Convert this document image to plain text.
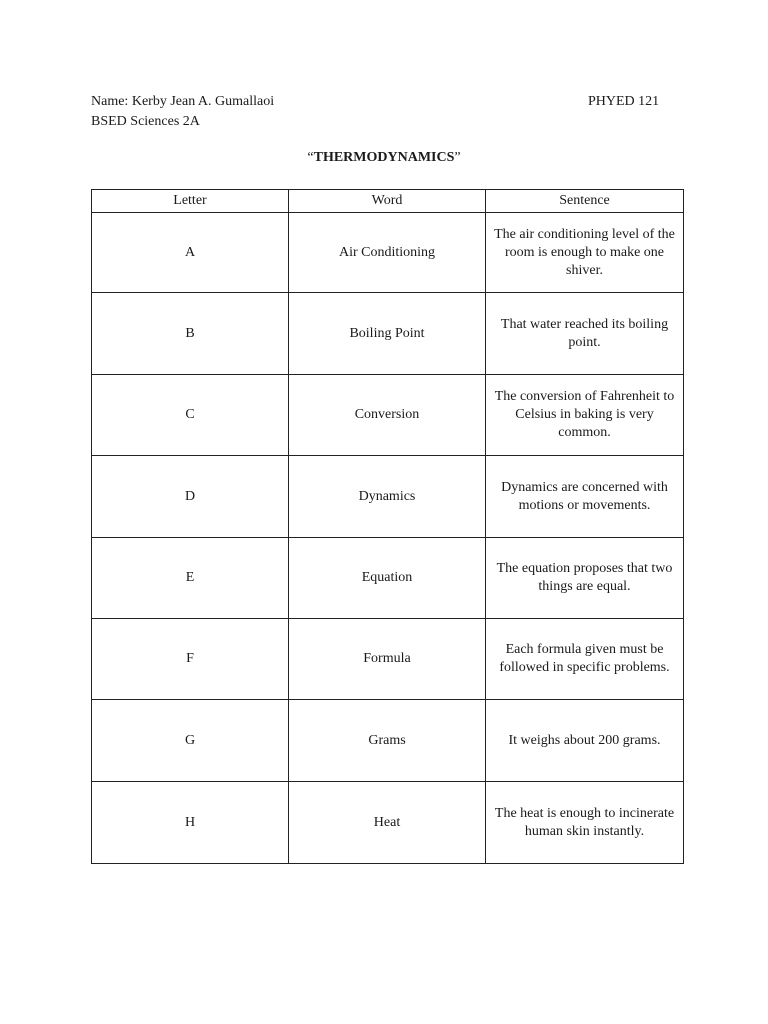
Name: Kerby Jean A. Gumallaoi
BSED Sciences 2A
PHYED 121
“THERMODYNAMICS”
Letter	Word	Sentence
A	Air Conditioning	The air conditioning level of the room is enough to make one shiver.
B	Boiling Point	That water reached its boiling point.
C	Conversion	The conversion of Fahrenheit to Celsius in baking is very common.
D	Dynamics	Dynamics are concerned with motions or movements.
E	Equation	The equation proposes that two things are equal.
F	Formula	Each formula given must be followed in specific problems.
G	Grams	It weighs about 200 grams.
H	Heat	The heat is enough to incinerate human skin instantly.
